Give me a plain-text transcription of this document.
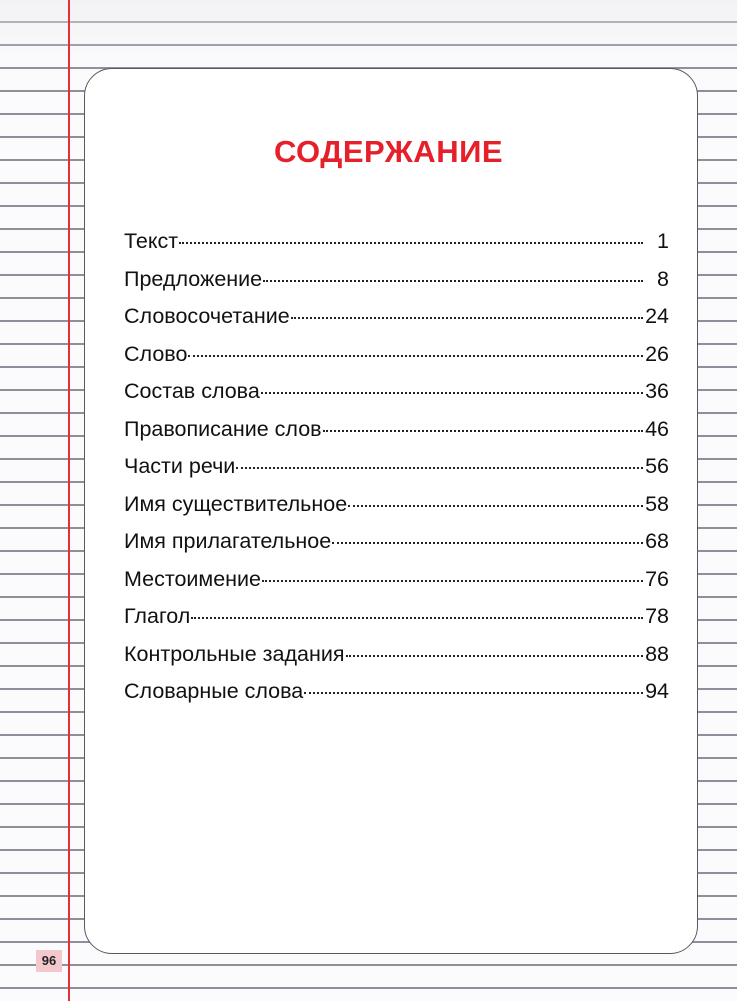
СОДЕРЖАНИЕ
Текст	1
Предложение	8
Словосочетание	24
Слово	26
Состав слова	36
Правописание слов	46
Части речи	56
Имя существительное	58
Имя прилагательное	68
Местоимение	76
Глагол	78
Контрольные задания	88
Словарные слова	94
96
